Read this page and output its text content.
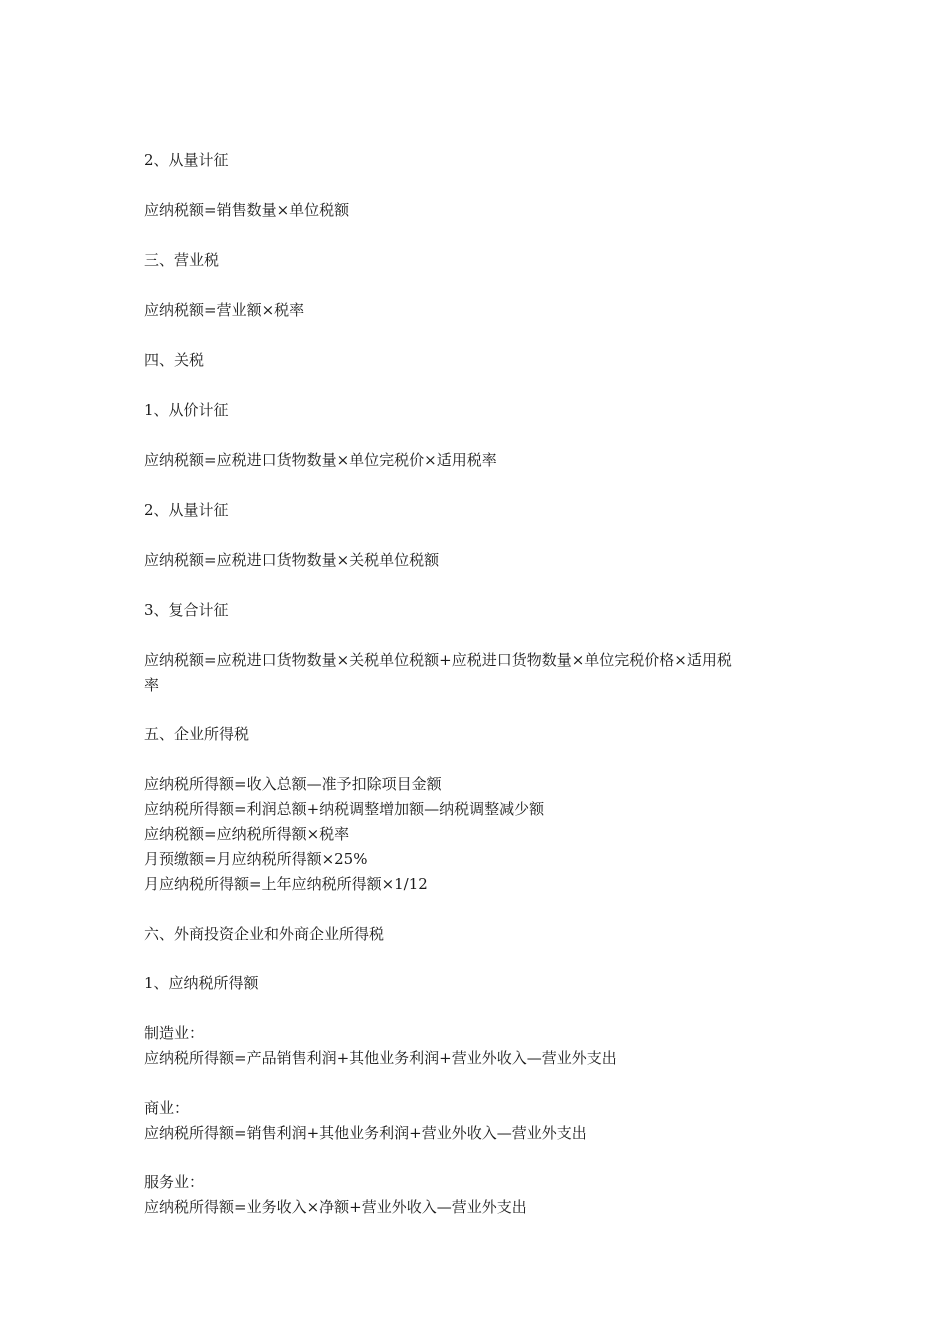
2、从量计征
应纳税额=销售数量×单位税额
三、营业税
应纳税额=营业额×税率
四、关税
1、从价计征
应纳税额=应税进口货物数量×单位完税价×适用税率
2、从量计征
应纳税额=应税进口货物数量×关税单位税额
3、复合计征
应纳税额=应税进口货物数量×关税单位税额+应税进口货物数量×单位完税价格×适用税
率
五、企业所得税
应纳税所得额=收入总额—准予扣除项目金额
应纳税所得额=利润总额+纳税调整增加额—纳税调整减少额
应纳税额=应纳税所得额×税率
月预缴额=月应纳税所得额×25%
月应纳税所得额=上年应纳税所得额×1/12
六、外商投资企业和外商企业所得税
1、应纳税所得额
制造业：
应纳税所得额=产品销售利润+其他业务利润+营业外收入—营业外支出
商业：
应纳税所得额=销售利润+其他业务利润+营业外收入—营业外支出
服务业：
应纳税所得额=业务收入×净额+营业外收入—营业外支出
